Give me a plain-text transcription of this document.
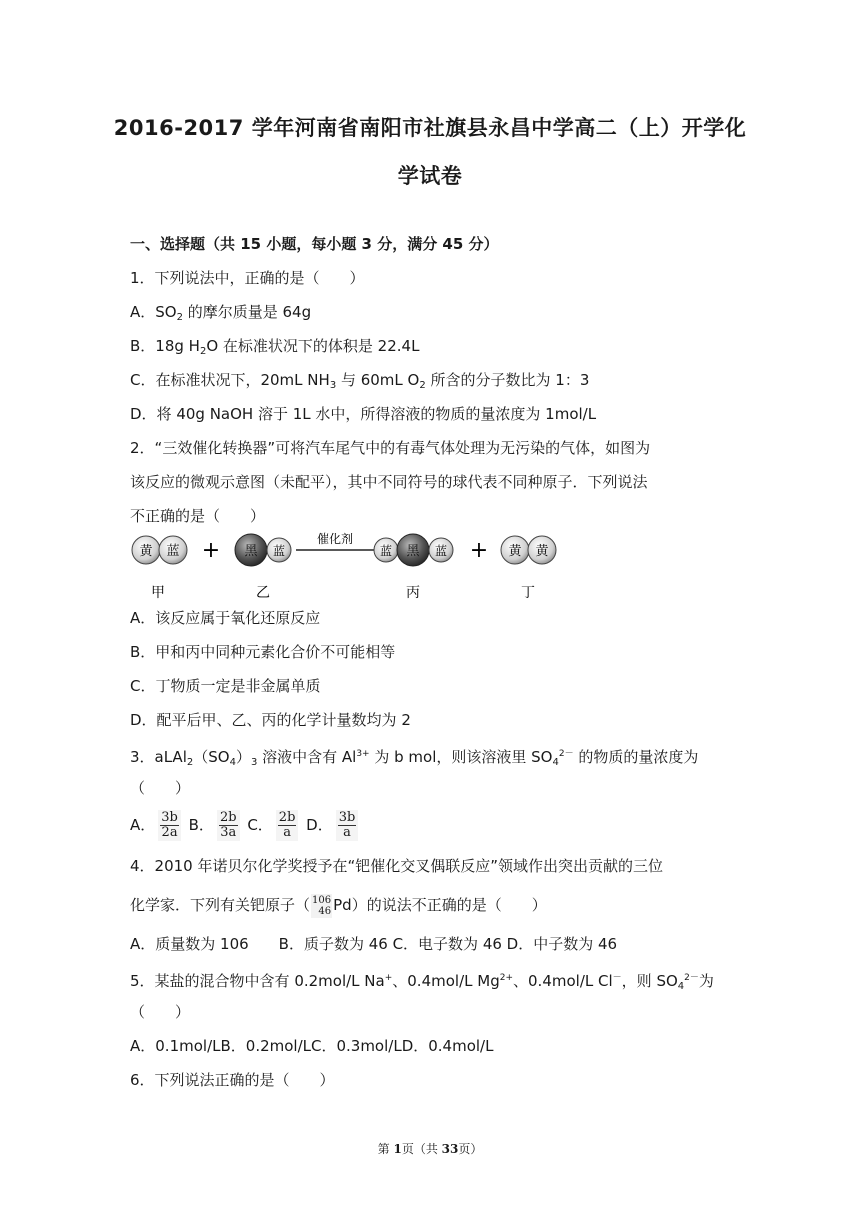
2016-2017 学年河南省南阳市社旗县永昌中学高二（上）开学化
学试卷
一、选择题（共 15 小题，每小题 3 分，满分 45 分）
1．下列说法中，正确的是（　　）
A．$SO_2$ 的摩尔质量是 64g
B．18g $H_2O$ 在标准状况下的体积是 22.4L
C．在标准状况下，20mL $NH_3$ 与 60mL $O_2$ 所含的分子数比为 1：3
D．将 40g NaOH 溶于 1L 水中，所得溶液的物质的量浓度为 1mol/L
2．“三效催化转换器”可将汽车尾气中的有毒气体处理为无污染的气体，如图为
该反应的微观示意图（未配平），其中不同符号的球代表不同种原子．下列说法
不正确的是（　　）
黄 蓝 + 黑 蓝
催化剂
蓝 黑 蓝 + 黄 黄
甲	乙	丙	丁
A．该反应属于氧化还原反应
B．甲和丙中同种元素化合价不可能相等
C．丁物质一定是非金属单质
D．配平后甲、乙、丙的化学计量数均为 2
3．$aLAl_2(SO_4)_3$ 溶液中含有 $Al^{3+}$ 为 b mol，则该溶液里 $SO_4^{2-}$ 的物质的量浓度为
（　　）
A． $\frac{3b}{2a}$ B． $\frac{2b}{3a}$ C． $\frac{2b}{a}$ D． $\frac{3b}{a}$
4．2010 年诺贝尔化学奖授予在“钯催化交叉偶联反应”领域作出突出贡献的三位
化学家．下列有关钯原子（ 106
46 Pd）的说法不正确的是（　　）
A．质量数为 106　　B．质子数为 46 C．电子数为 46 D．中子数为 46
5．某盐的混合物中含有 0.2mol/L Na+、0.4mol/L $Mg^{2+}$、0.4mol/L Cl－，则 $SO_4^{2-}$为
（　　）
A．0.1mol/LB．0.2mol/LC．0.3mol/LD．0.4mol/L
6．下列说法正确的是（　　）
第 1页（共 33页）
